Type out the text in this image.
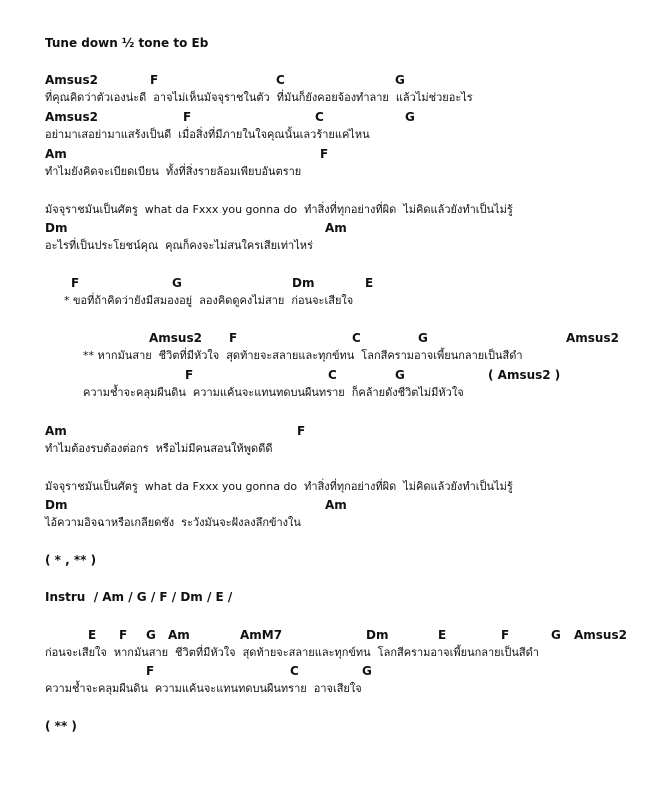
Tune down ½ tone to Eb
Amsus2	F	C	G
ที่คุณคิดว่าตัวเองน่ะดี  อาจไม่เห็นมัจจุราชในตัว  ที่มันก็ยังคอยจ้องทำลาย  แล้วไม่ช่วยอะไร
Amsus2	F	C	G
อย่ามาเสอย่ามาแสร้งเป็นดี  เมื่อสิ่งที่มีภายในใจคุณนั้นเลวร้ายแค่ไหน
Am	F
ทำไมยังคิดจะเบียดเบียน  ทั้งที่สิ่งรายล้อมเพียบอันตราย
มัจจุราชมันเป็นศัตรู  what da Fxxx you gonna do  ทำสิ่งที่ทุกอย่างที่ผิด  ไม่คิดแล้วยังทำเป็นไม่รู้
Dm	Am
อะไรที่เป็นประโยชน์คุณ  คุณก็คงจะไม่สนใครเสียเท่าไหร่
F	G	Dm	E
* ขอที่ถ้าคิดว่ายังมีสมองอยู่  ลองคิดดูคงไม่สาย  ก่อนจะเสียใจ
Amsus2 F	C	G	Amsus2
** หากมันสาย  ชีวิตที่มีหัวใจ  สุดท้ายจะสลายและทุกข์ทน  โลกสีครามอาจเพี้ยนกลายเป็นสีดำ
F	C	G	( Amsus2 )
ความช้ำจะคลุมผืนดิน  ความแค้นจะแทนทดบนผืนทราย  ก็คล้ายดังชีวิตไม่มีหัวใจ
Am	F
ทำไมต้องรบต้องต่อกร  หรือไม่มีคนสอนให้พูดดีดี
มัจจุราชมันเป็นศัตรู  what da Fxxx you gonna do  ทำสิ่งที่ทุกอย่างที่ผิด  ไม่คิดแล้วยังทำเป็นไม่รู้
Dm	Am
ไอ้ความอิจฉาหรือเกลียดชัง  ระวังมันจะฝังลงลึกข้างใน
( * , ** )
Instru  / Am / G / F / Dm / E /
E F G Am	AmM7	Dm	E	F	G Amsus2
ก่อนจะเสียใจ  หากมันสาย  ชีวิตที่มีหัวใจ  สุดท้ายจะสลายและทุกข์ทน  โลกสีครามอาจเพี้ยนกลายเป็นสีดำ
F	C	G
ความช้ำจะคลุมผืนดิน  ความแค้นจะแทนทดบนผืนทราย  อาจเสียใจ
( ** )
